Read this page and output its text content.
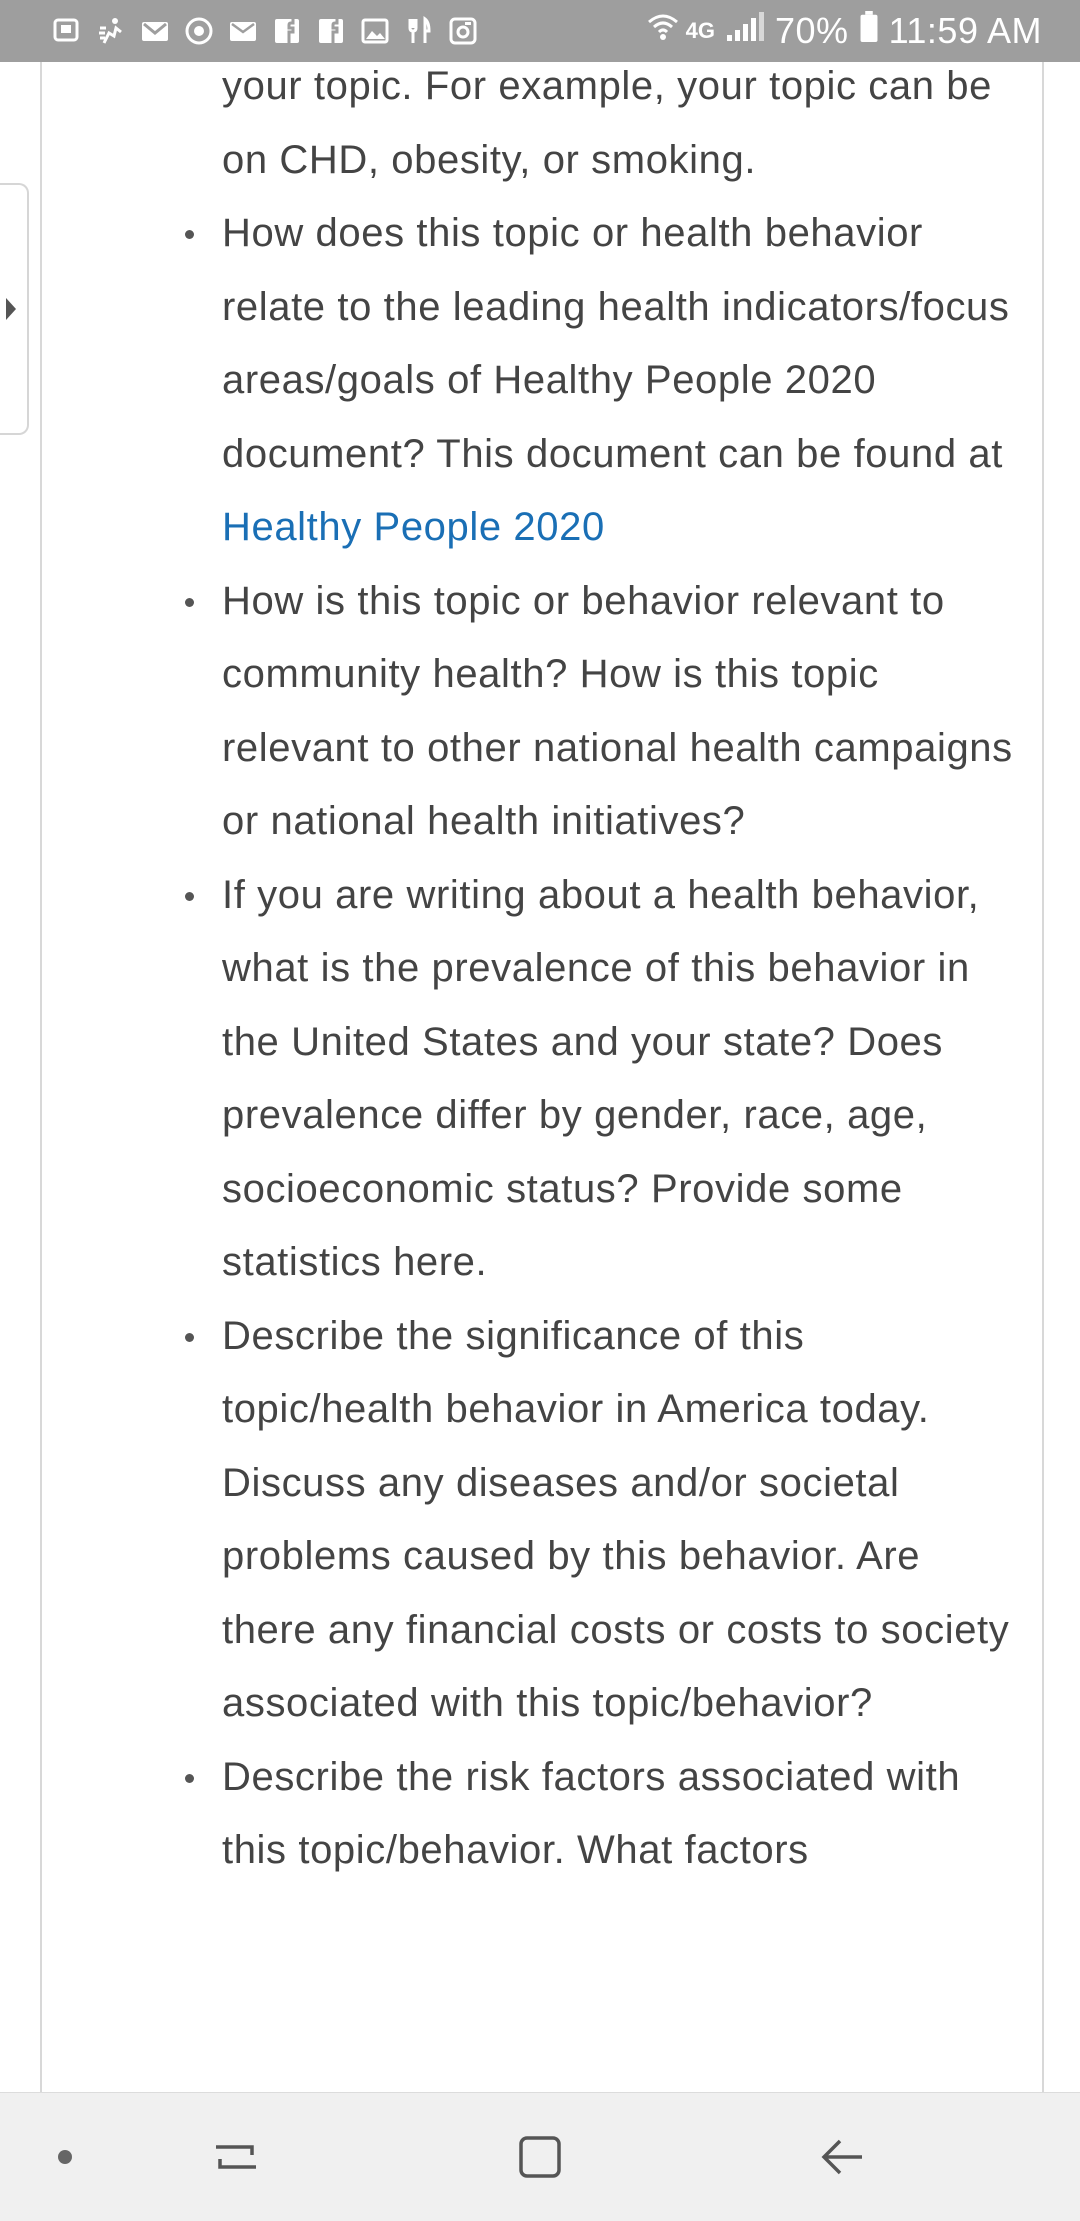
4G 70% 11:59 AM
your topic. For example, your topic can be on CHD, obesity, or smoking.
How does this topic or health behavior relate to the leading health indicators/focus areas/goals of Healthy People 2020 document? This document can be found at Healthy People 2020
How is this topic or behavior relevant to community health? How is this topic relevant to other national health campaigns or national health initiatives?
If you are writing about a health behavior, what is the prevalence of this behavior in the United States and your state? Does prevalence differ by gender, race, age, socioeconomic status? Provide some statistics here.
Describe the significance of this topic/health behavior in America today. Discuss any diseases and/or societal problems caused by this behavior. Are there any financial costs or costs to society associated with this topic/behavior?
Describe the risk factors associated with this topic/behavior. What factors
